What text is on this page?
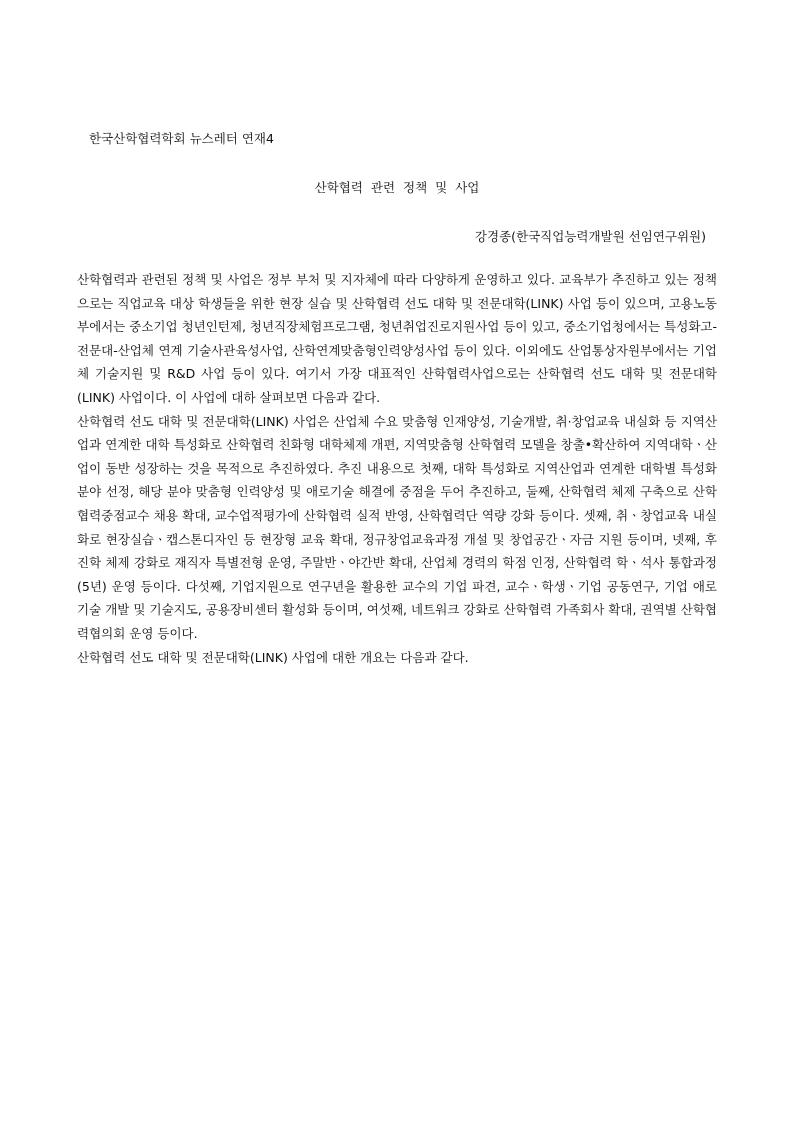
한국산학협력학회 뉴스레터 연재4
산학협력 관련 정책 및 사업
강경종(한국직업능력개발원 선임연구위원)

산학협력과 관련된 정책 및 사업은 정부 부처 및 지자체에 따라 다양하게 운영하고 있다. 교육부가 추진하고 있는 정책으로는 직업교육 대상 학생들을 위한 현장 실습 및 산학협력 선도 대학 및 전문대학(LINK) 사업 등이 있으며, 고용노동부에서는 중소기업 청년인턴제, 청년직장체험프로그램, 청년취업진로지원사업 등이 있고, 중소기업청에서는 특성화고-전문대-산업체 연계 기술사관육성사업, 산학연계맞춤형인력양성사업 등이 있다. 이외에도 산업통상자원부에서는 기업체 기술지원 및 R&D 사업 등이 있다. 여기서 가장 대표적인 산학협력사업으로는 산학협력 선도 대학 및 전문대학(LINK) 사업이다. 이 사업에 대하 살펴보면 다음과 같다.

산학협력 선도 대학 및 전문대학(LINK) 사업은 산업체 수요 맞춤형 인재양성, 기술개발, 취·창업교육 내실화 등 지역산업과 연계한 대학 특성화로 산학협력 친화형 대학체제 개편, 지역맞춤형 산학협력 모델을 창출•확산하여 지역대학ㆍ산업이 동반 성장하는 것을 목적으로 추진하였다. 추진 내용으로 첫째, 대학 특성화로 지역산업과 연계한 대학별 특성화 분야 선정, 해당 분야 맞춤형 인력양성 및 애로기술 해결에 중점을 두어 추진하고, 둘째, 산학협력 체제 구축으로 산학협력중점교수 채용 확대, 교수업적평가에 산학협력 실적 반영, 산학협력단 역량 강화 등이다. 셋째, 취ㆍ창업교육 내실화로 현장실습ㆍ캡스톤디자인 등 현장형 교육 확대, 정규창업교육과정 개설 및 창업공간ㆍ자금 지원 등이며, 넷째, 후진학 체제 강화로 재직자 특별전형 운영, 주말반ㆍ야간반 확대, 산업체 경력의 학점 인정, 산학협력 학ㆍ석사 통합과정(5년) 운영 등이다. 다섯째, 기업지원으로 연구년을 활용한 교수의 기업 파견, 교수ㆍ학생ㆍ기업 공동연구, 기업 애로기술 개발 및 기술지도, 공용장비센터 활성화 등이며, 여섯째, 네트워크 강화로 산학협력 가족회사 확대, 권역별 산학협력협의회 운영 등이다.

산학협력 선도 대학 및 전문대학(LINK) 사업에 대한 개요는 다음과 같다.
